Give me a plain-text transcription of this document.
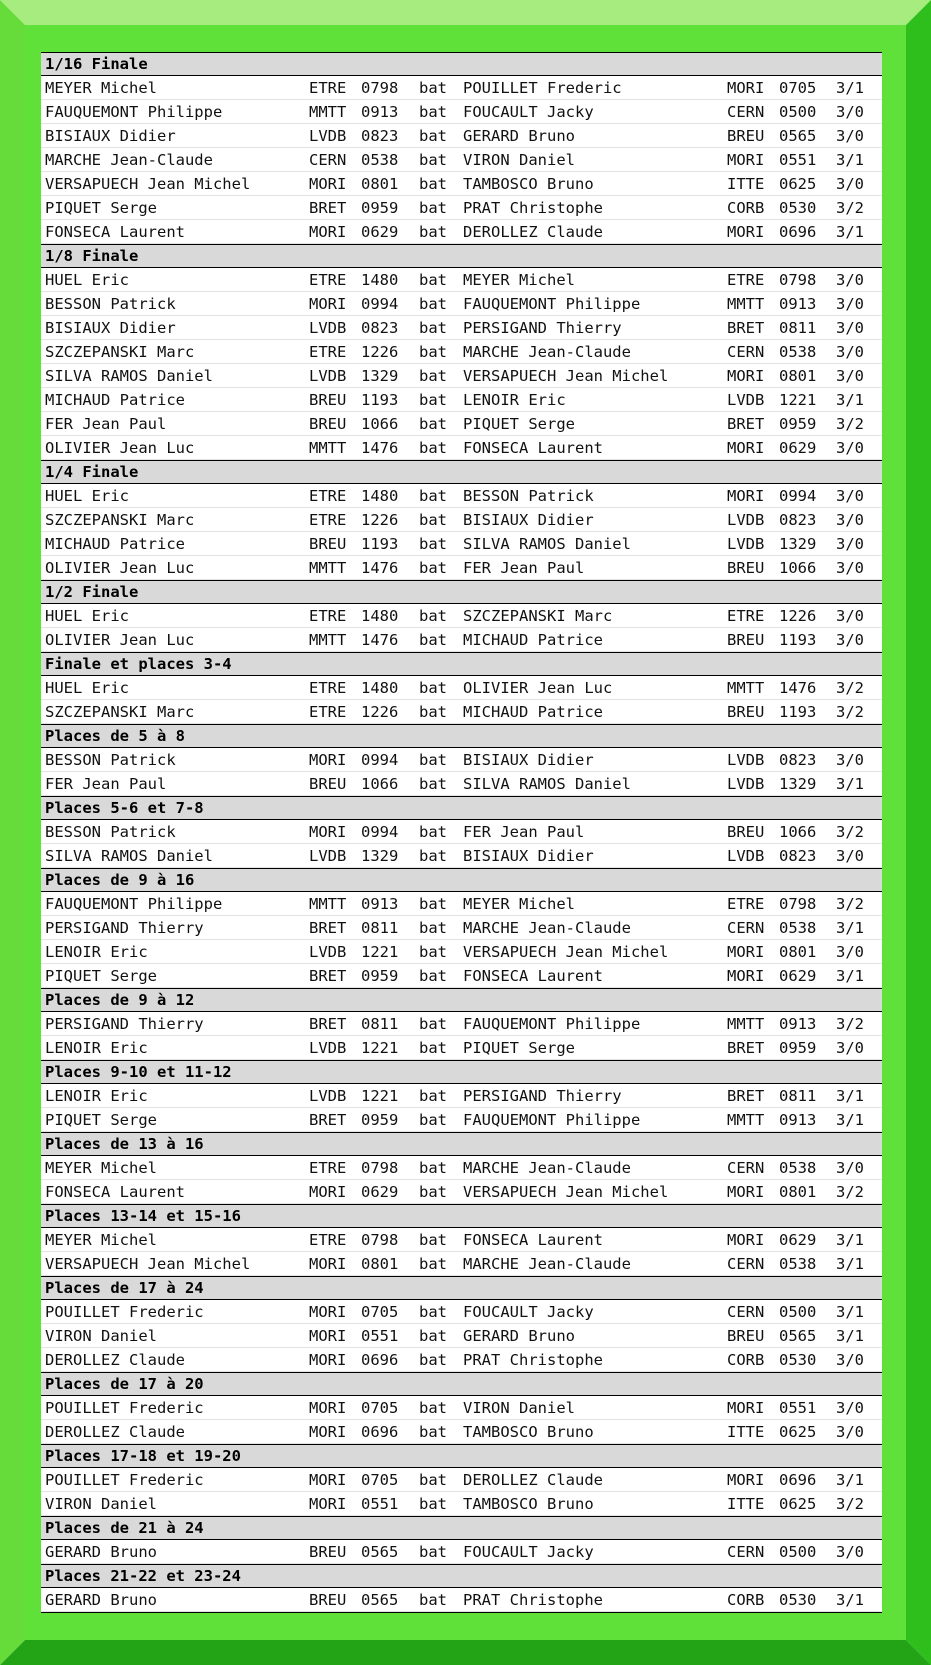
1/16 Finale
MEYER Michel	ETRE 0798 bat POUILLET Frederic	MORI 0705 3/1
FAUQUEMONT Philippe	MMTT 0913 bat FOUCAULT Jacky	CERN 0500 3/0
BISIAUX Didier	LVDB 0823 bat GERARD Bruno	BREU 0565 3/0
MARCHE Jean-Claude	CERN 0538 bat VIRON Daniel	MORI 0551 3/1
VERSAPUECH Jean Michel	MORI 0801 bat TAMBOSCO Bruno	ITTE 0625 3/0
PIQUET Serge	BRET 0959 bat PRAT Christophe	CORB 0530 3/2
FONSECA Laurent	MORI 0629 bat DEROLLEZ Claude	MORI 0696 3/1
1/8 Finale
HUEL Eric	ETRE 1480 bat MEYER Michel	ETRE 0798 3/0
BESSON Patrick	MORI 0994 bat FAUQUEMONT Philippe	MMTT 0913 3/0
BISIAUX Didier	LVDB 0823 bat PERSIGAND Thierry	BRET 0811 3/0
SZCZEPANSKI Marc	ETRE 1226 bat MARCHE Jean-Claude	CERN 0538 3/0
SILVA RAMOS Daniel	LVDB 1329 bat VERSAPUECH Jean Michel	MORI 0801 3/0
MICHAUD Patrice	BREU 1193 bat LENOIR Eric	LVDB 1221 3/1
FER Jean Paul	BREU 1066 bat PIQUET Serge	BRET 0959 3/2
OLIVIER Jean Luc	MMTT 1476 bat FONSECA Laurent	MORI 0629 3/0
1/4 Finale
HUEL Eric	ETRE 1480 bat BESSON Patrick	MORI 0994 3/0
SZCZEPANSKI Marc	ETRE 1226 bat BISIAUX Didier	LVDB 0823 3/0
MICHAUD Patrice	BREU 1193 bat SILVA RAMOS Daniel	LVDB 1329 3/0
OLIVIER Jean Luc	MMTT 1476 bat FER Jean Paul	BREU 1066 3/0
1/2 Finale
HUEL Eric	ETRE 1480 bat SZCZEPANSKI Marc	ETRE 1226 3/0
OLIVIER Jean Luc	MMTT 1476 bat MICHAUD Patrice	BREU 1193 3/0
Finale et places 3-4
HUEL Eric	ETRE 1480 bat OLIVIER Jean Luc	MMTT 1476 3/2
SZCZEPANSKI Marc	ETRE 1226 bat MICHAUD Patrice	BREU 1193 3/2
Places de 5 à 8
BESSON Patrick	MORI 0994 bat BISIAUX Didier	LVDB 0823 3/0
FER Jean Paul	BREU 1066 bat SILVA RAMOS Daniel	LVDB 1329 3/1
Places 5-6 et 7-8
BESSON Patrick	MORI 0994 bat FER Jean Paul	BREU 1066 3/2
SILVA RAMOS Daniel	LVDB 1329 bat BISIAUX Didier	LVDB 0823 3/0
Places de 9 à 16
FAUQUEMONT Philippe	MMTT 0913 bat MEYER Michel	ETRE 0798 3/2
PERSIGAND Thierry	BRET 0811 bat MARCHE Jean-Claude	CERN 0538 3/1
LENOIR Eric	LVDB 1221 bat VERSAPUECH Jean Michel	MORI 0801 3/0
PIQUET Serge	BRET 0959 bat FONSECA Laurent	MORI 0629 3/1
Places de 9 à 12
PERSIGAND Thierry	BRET 0811 bat FAUQUEMONT Philippe	MMTT 0913 3/2
LENOIR Eric	LVDB 1221 bat PIQUET Serge	BRET 0959 3/0
Places 9-10 et 11-12
LENOIR Eric	LVDB 1221 bat PERSIGAND Thierry	BRET 0811 3/1
PIQUET Serge	BRET 0959 bat FAUQUEMONT Philippe	MMTT 0913 3/1
Places de 13 à 16
MEYER Michel	ETRE 0798 bat MARCHE Jean-Claude	CERN 0538 3/0
FONSECA Laurent	MORI 0629 bat VERSAPUECH Jean Michel	MORI 0801 3/2
Places 13-14 et 15-16
MEYER Michel	ETRE 0798 bat FONSECA Laurent	MORI 0629 3/1
VERSAPUECH Jean Michel	MORI 0801 bat MARCHE Jean-Claude	CERN 0538 3/1
Places de 17 à 24
POUILLET Frederic	MORI 0705 bat FOUCAULT Jacky	CERN 0500 3/1
VIRON Daniel	MORI 0551 bat GERARD Bruno	BREU 0565 3/1
DEROLLEZ Claude	MORI 0696 bat PRAT Christophe	CORB 0530 3/0
Places de 17 à 20
POUILLET Frederic	MORI 0705 bat VIRON Daniel	MORI 0551 3/0
DEROLLEZ Claude	MORI 0696 bat TAMBOSCO Bruno	ITTE 0625 3/0
Places 17-18 et 19-20
POUILLET Frederic	MORI 0705 bat DEROLLEZ Claude	MORI 0696 3/1
VIRON Daniel	MORI 0551 bat TAMBOSCO Bruno	ITTE 0625 3/2
Places de 21 à 24
GERARD Bruno	BREU 0565 bat FOUCAULT Jacky	CERN 0500 3/0
Places 21-22 et 23-24
GERARD Bruno	BREU 0565 bat PRAT Christophe	CORB 0530 3/1
